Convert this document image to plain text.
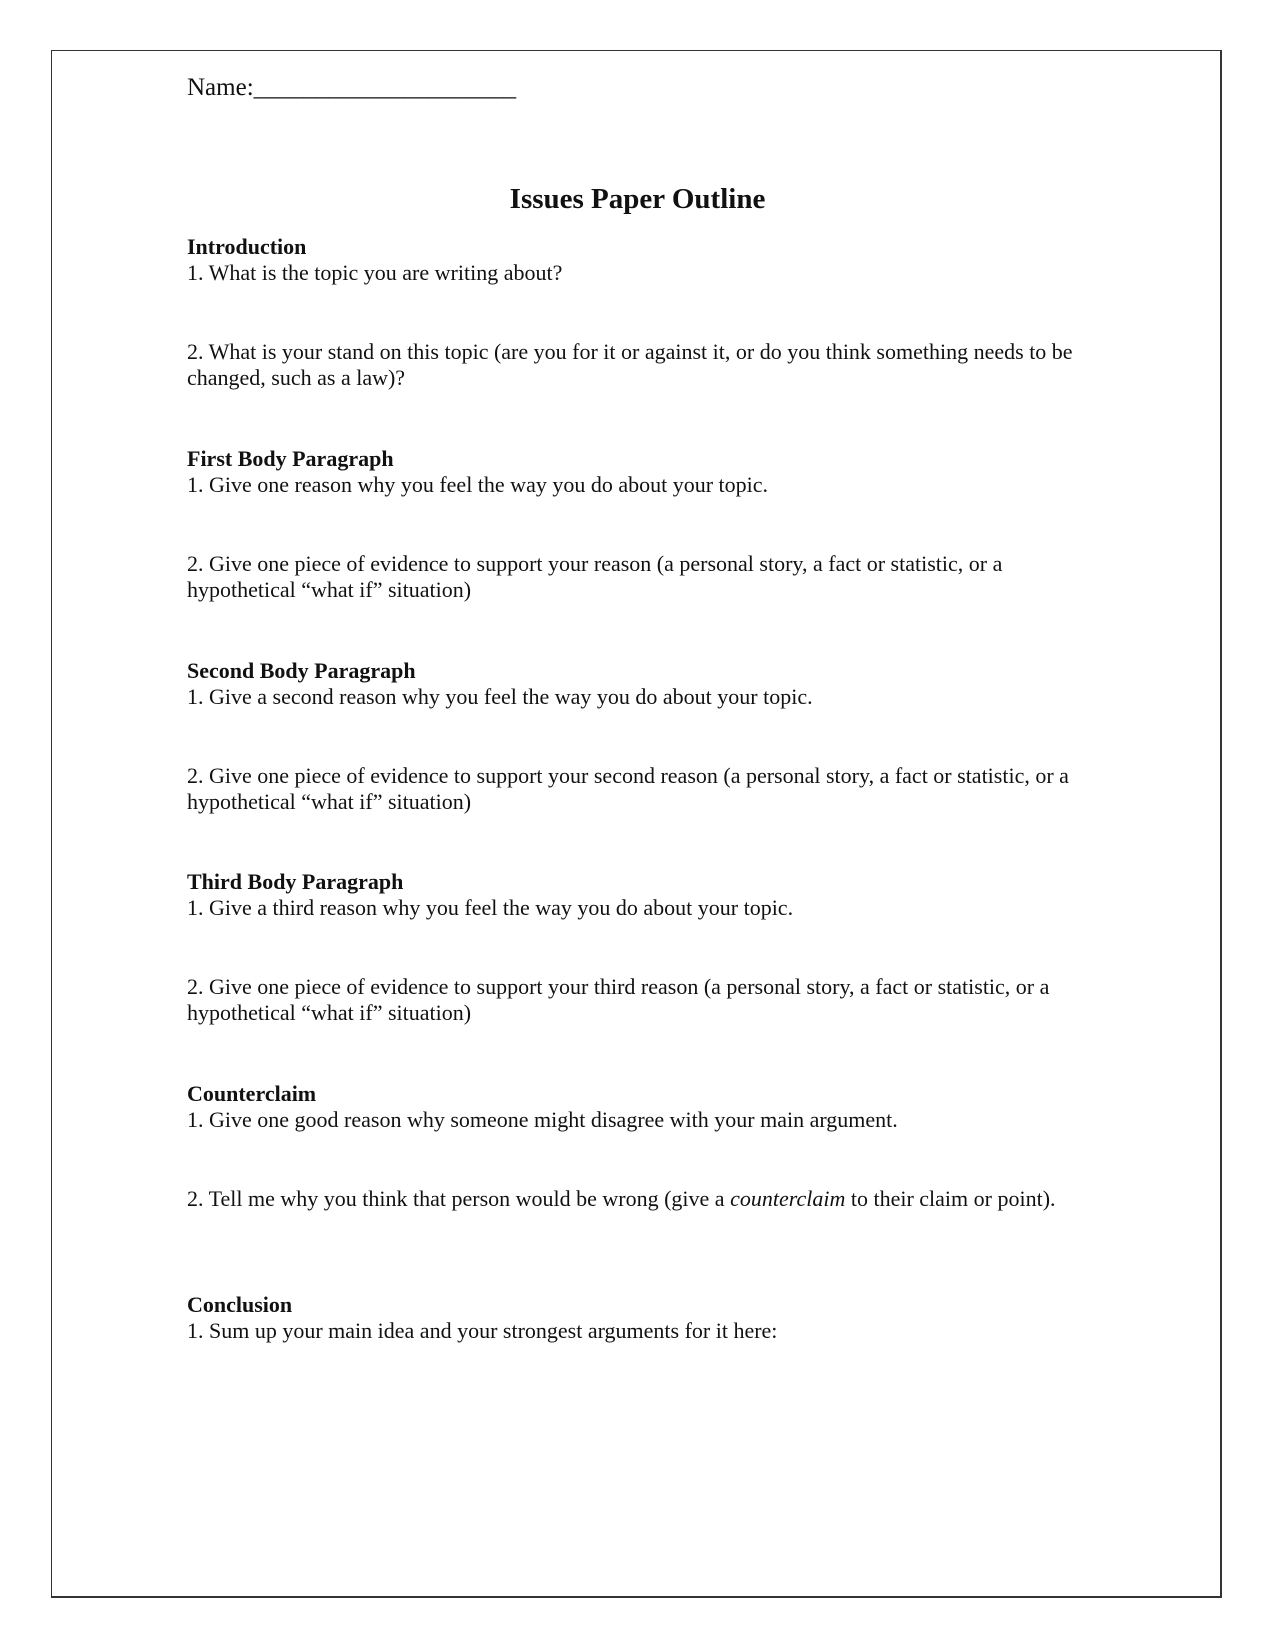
Name:_____________________
Issues Paper Outline

Introduction

1. What is the topic you are writing about?

2. What is your stand on this topic (are you for it or against it, or do you think something needs to be changed, such as a law)?

First Body Paragraph

1. Give one reason why you feel the way you do about your topic.

2. Give one piece of evidence to support your reason (a personal story, a fact or statistic, or a hypothetical “what if” situation)

Second Body Paragraph

1. Give a second reason why you feel the way you do about your topic.

2. Give one piece of evidence to support your second reason (a personal story, a fact or statistic, or a hypothetical “what if” situation)

Third Body Paragraph

1. Give a third reason why you feel the way you do about your topic.

2. Give one piece of evidence to support your third reason (a personal story, a fact or statistic, or a hypothetical “what if” situation)

Counterclaim

1. Give one good reason why someone might disagree with your main argument.

2. Tell me why you think that person would be wrong (give a counterclaim to their claim or point).

Conclusion

1. Sum up your main idea and your strongest arguments for it here:
